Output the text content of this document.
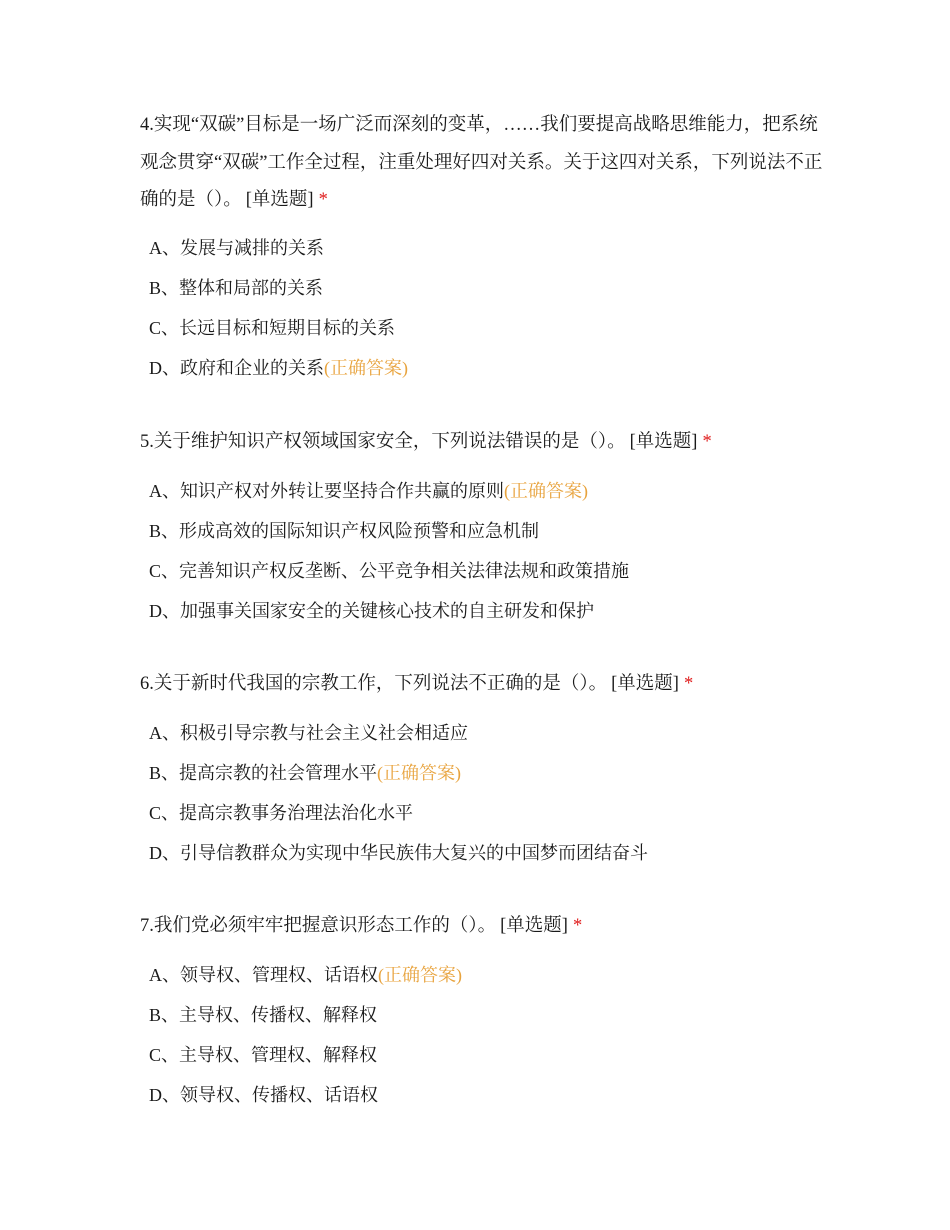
4.实现“双碳”目标是一场广泛而深刻的变革，……我们要提高战略思维能力，把系统观念贯穿“双碳”工作全过程，注重处理好四对关系。关于这四对关系，下列说法不正确的是（）。 [单选题] *

A、发展与减排的关系
B、整体和局部的关系
C、长远目标和短期目标的关系
D、政府和企业的关系(正确答案)

5.关于维护知识产权领域国家安全，下列说法错误的是（）。 [单选题] *

A、知识产权对外转让要坚持合作共赢的原则(正确答案)
B、形成高效的国际知识产权风险预警和应急机制
C、完善知识产权反垄断、公平竞争相关法律法规和政策措施
D、加强事关国家安全的关键核心技术的自主研发和保护

6.关于新时代我国的宗教工作，下列说法不正确的是（）。 [单选题] *

A、积极引导宗教与社会主义社会相适应
B、提高宗教的社会管理水平(正确答案)
C、提高宗教事务治理法治化水平
D、引导信教群众为实现中华民族伟大复兴的中国梦而团结奋斗

7.我们党必须牢牢把握意识形态工作的（）。 [单选题] *

A、领导权、管理权、话语权(正确答案)
B、主导权、传播权、解释权
C、主导权、管理权、解释权
D、领导权、传播权、话语权
